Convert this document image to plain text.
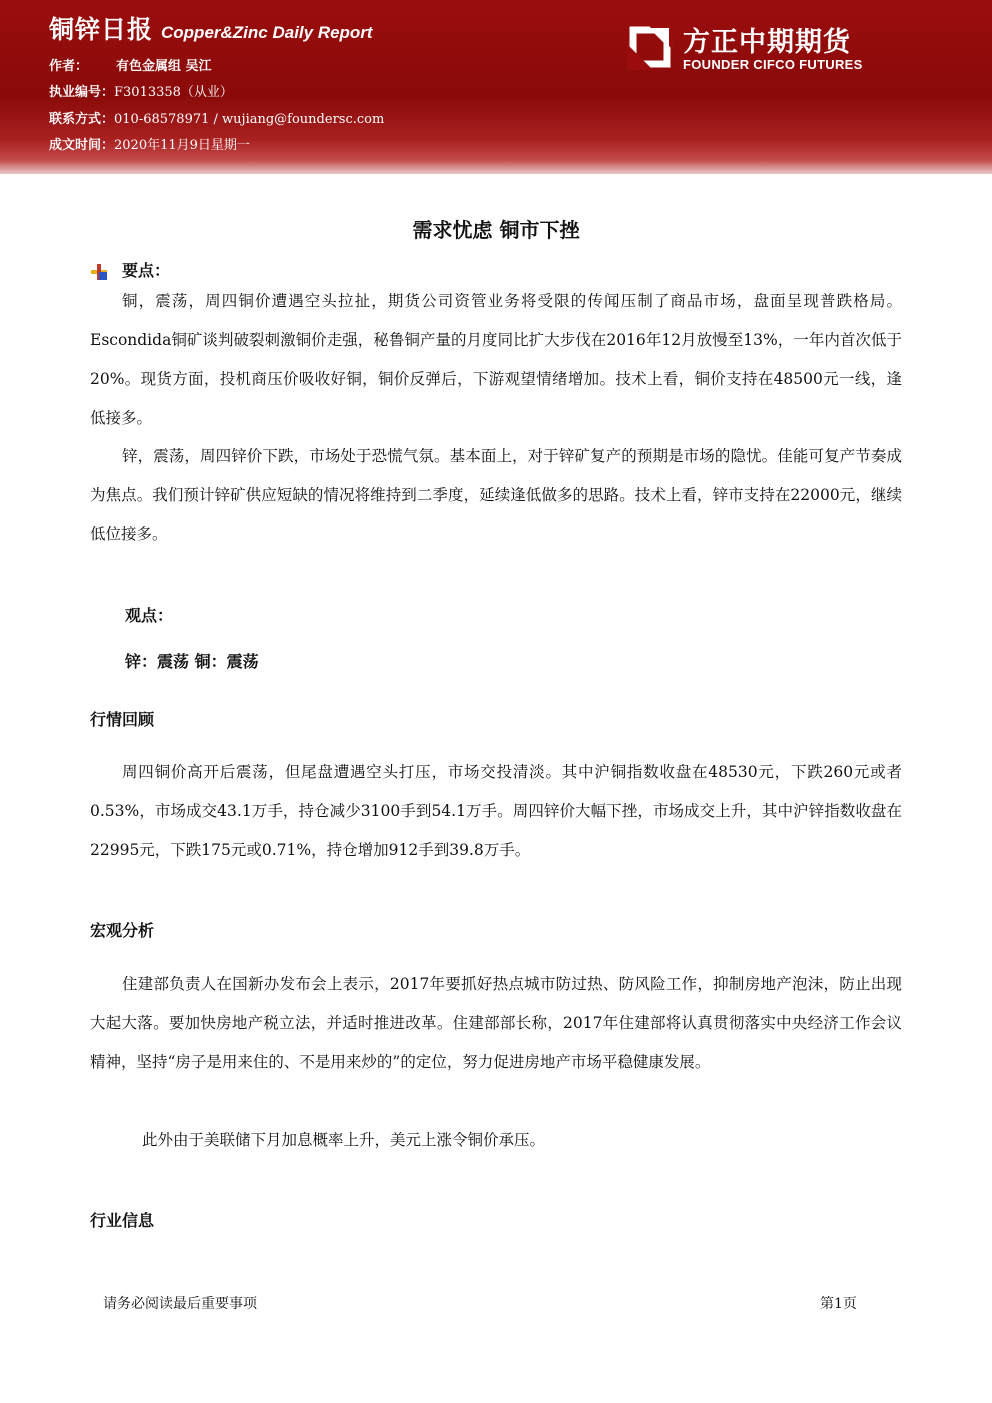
铜锌日报 Copper&Zinc Daily Report
作者： 有色金属组 吴江
执业编号：F3013358（从业）
联系方式：010-68578971 / wujiang@foundersc.com
成文时间：2020年11月9日星期一
方正中期期货
FOUNDER CIFCO FUTURES
需求忧虑 铜市下挫
要点：
铜，震荡，周四铜价遭遇空头拉扯，期货公司资管业务将受限的传闻压制了商品市场，盘面呈现普跌格局。Escondida铜矿谈判破裂刺激铜价走强，秘鲁铜产量的月度同比扩大步伐在2016年12月放慢至13%，一年内首次低于20%。现货方面，投机商压价吸收好铜，铜价反弹后，下游观望情绪增加。技术上看，铜价支持在48500元一线，逢低接多。
锌，震荡，周四锌价下跌，市场处于恐慌气氛。基本面上，对于锌矿复产的预期是市场的隐忧。佳能可复产节奏成为焦点。我们预计锌矿供应短缺的情况将维持到二季度，延续逢低做多的思路。技术上看，锌市支持在22000元，继续低位接多。
观点：
锌：震荡 铜：震荡
行情回顾
周四铜价高开后震荡，但尾盘遭遇空头打压，市场交投清淡。其中沪铜指数收盘在48530元，下跌260元或者0.53%，市场成交43.1万手，持仓减少3100手到54.1万手。周四锌价大幅下挫，市场成交上升，其中沪锌指数收盘在22995元，下跌175元或0.71%，持仓增加912手到39.8万手。
宏观分析
住建部负责人在国新办发布会上表示，2017年要抓好热点城市防过热、防风险工作，抑制房地产泡沫，防止出现大起大落。要加快房地产税立法，并适时推进改革。住建部部长称，2017年住建部将认真贯彻落实中央经济工作会议精神，坚持“房子是用来住的、不是用来炒的”的定位，努力促进房地产市场平稳健康发展。
此外由于美联储下月加息概率上升，美元上涨令铜价承压。
行业信息
请务必阅读最后重要事项	第1页
